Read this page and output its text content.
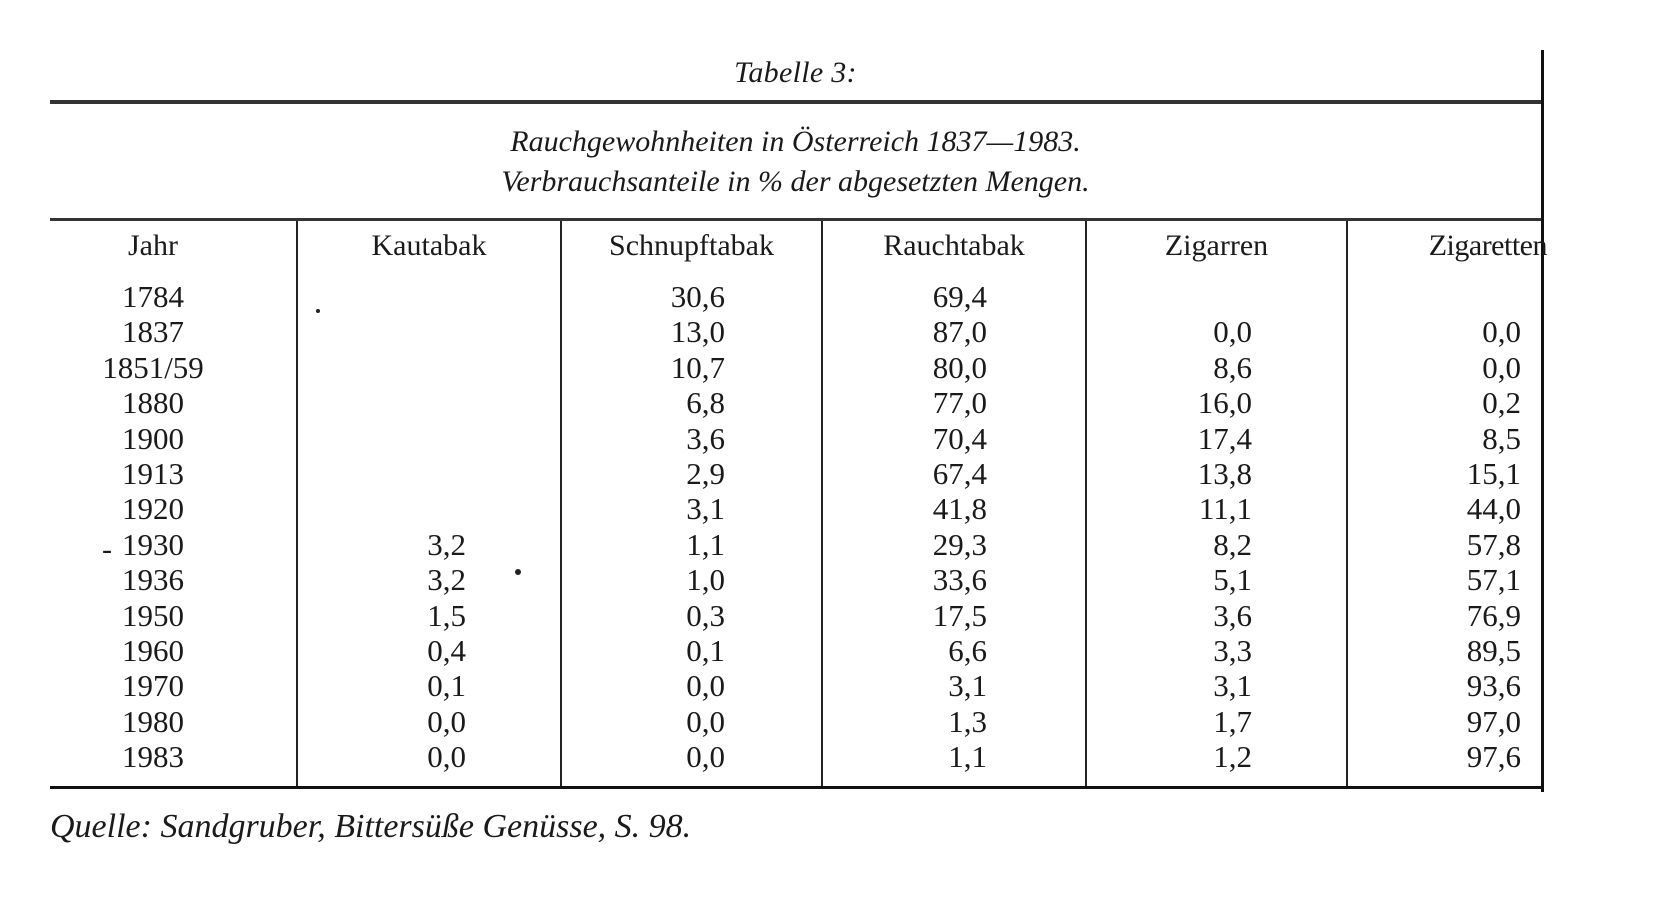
Tabelle 3:
Rauchgewohnheiten in Österreich 1837—1983.
Verbrauchsanteile in % der abgesetzten Mengen.
Jahr
1784
1837
1851/59
1880
1900
1913
1920
1930
1936
1950
1960
1970
1980
1983
-
Kautabak
3,2
3,2
1,5
0,4
0,1
0,0
0,0
Schnupftabak
30,6
13,0
10,7
6,8
3,6
2,9
3,1
1,1
1,0
0,3
0,1
0,0
0,0
0,0
Rauchtabak
69,4
87,0
80,0
77,0
70,4
67,4
41,8
29,3
33,6
17,5
6,6
3,1
1,3
1,1
Zigarren
0,0
8,6
16,0
17,4
13,8
11,1
8,2
5,1
3,6
3,3
3,1
1,7
1,2
Zigaretten
0,0
0,0
0,2
8,5
15,1
44,0
57,8
57,1
76,9
89,5
93,6
97,0
97,6
Quelle: Sandgruber, Bittersüße Genüsse, S. 98.
